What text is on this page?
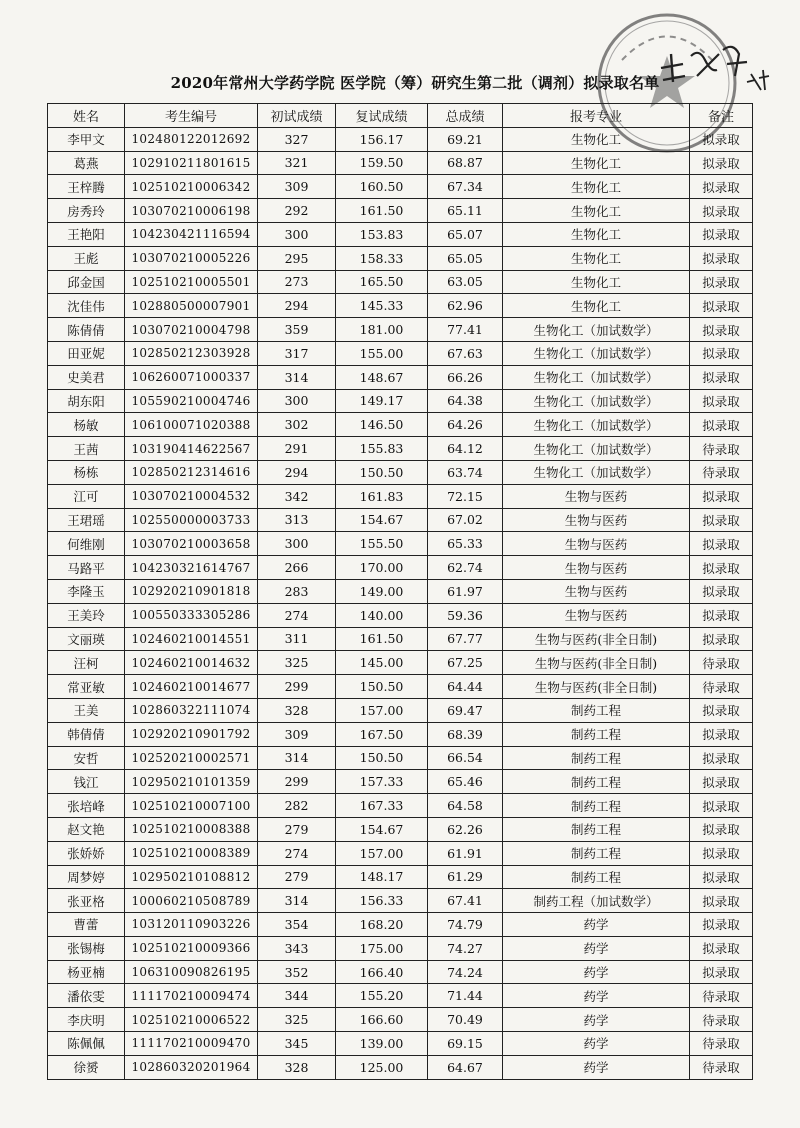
2020年常州大学药学院 医学院（筹）研究生第二批（调剂）拟录取名单
姓名	考生编号	初试成绩	复试成绩	总成绩	报考专业	备注
李甲文	102480122012692	327	156.17	69.21	生物化工	拟录取
葛燕	102910211801615	321	159.50	68.87	生物化工	拟录取
王梓腾	102510210006342	309	160.50	67.34	生物化工	拟录取
房秀玲	103070210006198	292	161.50	65.11	生物化工	拟录取
王艳阳	104230421116594	300	153.83	65.07	生物化工	拟录取
王彪	103070210005226	295	158.33	65.05	生物化工	拟录取
邱金国	102510210005501	273	165.50	63.05	生物化工	拟录取
沈佳伟	102880500007901	294	145.33	62.96	生物化工	拟录取
陈倩倩	103070210004798	359	181.00	77.41	生物化工（加试数学）	拟录取
田亚妮	102850212303928	317	155.00	67.63	生物化工（加试数学）	拟录取
史美君	106260071000337	314	148.67	66.26	生物化工（加试数学）	拟录取
胡东阳	105590210004746	300	149.17	64.38	生物化工（加试数学）	拟录取
杨敏	106100071020388	302	146.50	64.26	生物化工（加试数学）	拟录取
王茜	103190414622567	291	155.83	64.12	生物化工（加试数学）	待录取
杨栋	102850212314616	294	150.50	63.74	生物化工（加试数学）	待录取
江可	103070210004532	342	161.83	72.15	生物与医药	拟录取
王珺瑶	102550000003733	313	154.67	67.02	生物与医药	拟录取
何维刚	103070210003658	300	155.50	65.33	生物与医药	拟录取
马路平	104230321614767	266	170.00	62.74	生物与医药	拟录取
李隆玉	102920210901818	283	149.00	61.97	生物与医药	拟录取
王美玲	100550333305286	274	140.00	59.36	生物与医药	拟录取
文丽瑛	102460210014551	311	161.50	67.77	生物与医药(非全日制)	拟录取
汪柯	102460210014632	325	145.00	67.25	生物与医药(非全日制)	待录取
常亚敏	102460210014677	299	150.50	64.44	生物与医药(非全日制)	待录取
王美	102860322111074	328	157.00	69.47	制药工程	拟录取
韩倩倩	102920210901792	309	167.50	68.39	制药工程	拟录取
安哲	102520210002571	314	150.50	66.54	制药工程	拟录取
钱江	102950210101359	299	157.33	65.46	制药工程	拟录取
张培峰	102510210007100	282	167.33	64.58	制药工程	拟录取
赵文艳	102510210008388	279	154.67	62.26	制药工程	拟录取
张娇娇	102510210008389	274	157.00	61.91	制药工程	拟录取
周梦婷	102950210108812	279	148.17	61.29	制药工程	拟录取
张亚格	100060210508789	314	156.33	67.41	制药工程（加试数学）	拟录取
曹蕾	103120110903226	354	168.20	74.79	药学	拟录取
张锡梅	102510210009366	343	175.00	74.27	药学	拟录取
杨亚楠	106310090826195	352	166.40	74.24	药学	拟录取
潘依雯	111170210009474	344	155.20	71.44	药学	待录取
李庆明	102510210006522	325	166.60	70.49	药学	待录取
陈佩佩	111170210009470	345	139.00	69.15	药学	待录取
徐赟	102860320201964	328	125.00	64.67	药学	待录取
